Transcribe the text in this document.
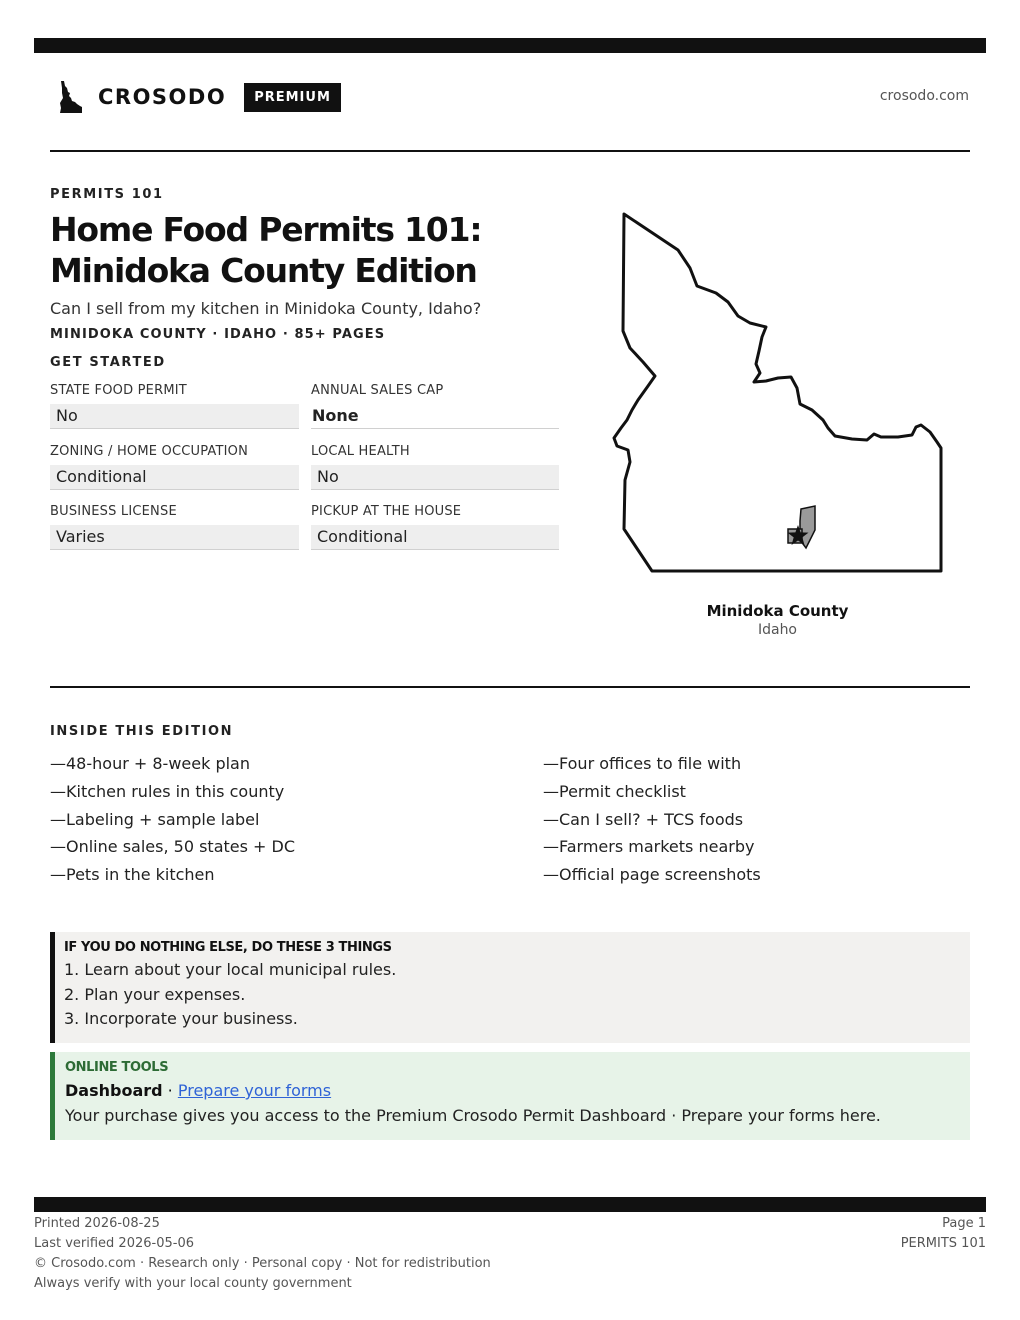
CROSODO	PREMIUM	crosodo.com
PERMITS 101
Home Food Permits 101:
Minidoka County Edition
Can I sell from my kitchen in Minidoka County, Idaho?
MINIDOKA COUNTY · IDAHO · 85+ PAGES
GET STARTED
STATE FOOD PERMIT
No
ANNUAL SALES CAP
None
ZONING / HOME OCCUPATION
Conditional
LOCAL HEALTH
No
BUSINESS LICENSE
Varies
PICKUP AT THE HOUSE
Conditional
Minidoka County
Idaho
INSIDE THIS EDITION
—48-hour + 8-week plan
—Kitchen rules in this county
—Labeling + sample label
—Online sales, 50 states + DC
—Pets in the kitchen
—Four offices to file with
—Permit checklist
—Can I sell? + TCS foods
—Farmers markets nearby
—Official page screenshots
IF YOU DO NOTHING ELSE, DO THESE 3 THINGS
1. Learn about your local municipal rules.
2. Plan your expenses.
3. Incorporate your business.
ONLINE TOOLS
Dashboard · Prepare your forms
Your purchase gives you access to the Premium Crosodo Permit Dashboard · Prepare your forms here.
Printed 2026-08-25
Last verified 2026-05-06
© Crosodo.com · Research only · Personal copy · Not for redistribution
Always verify with your local county government
Page 1
PERMITS 101
